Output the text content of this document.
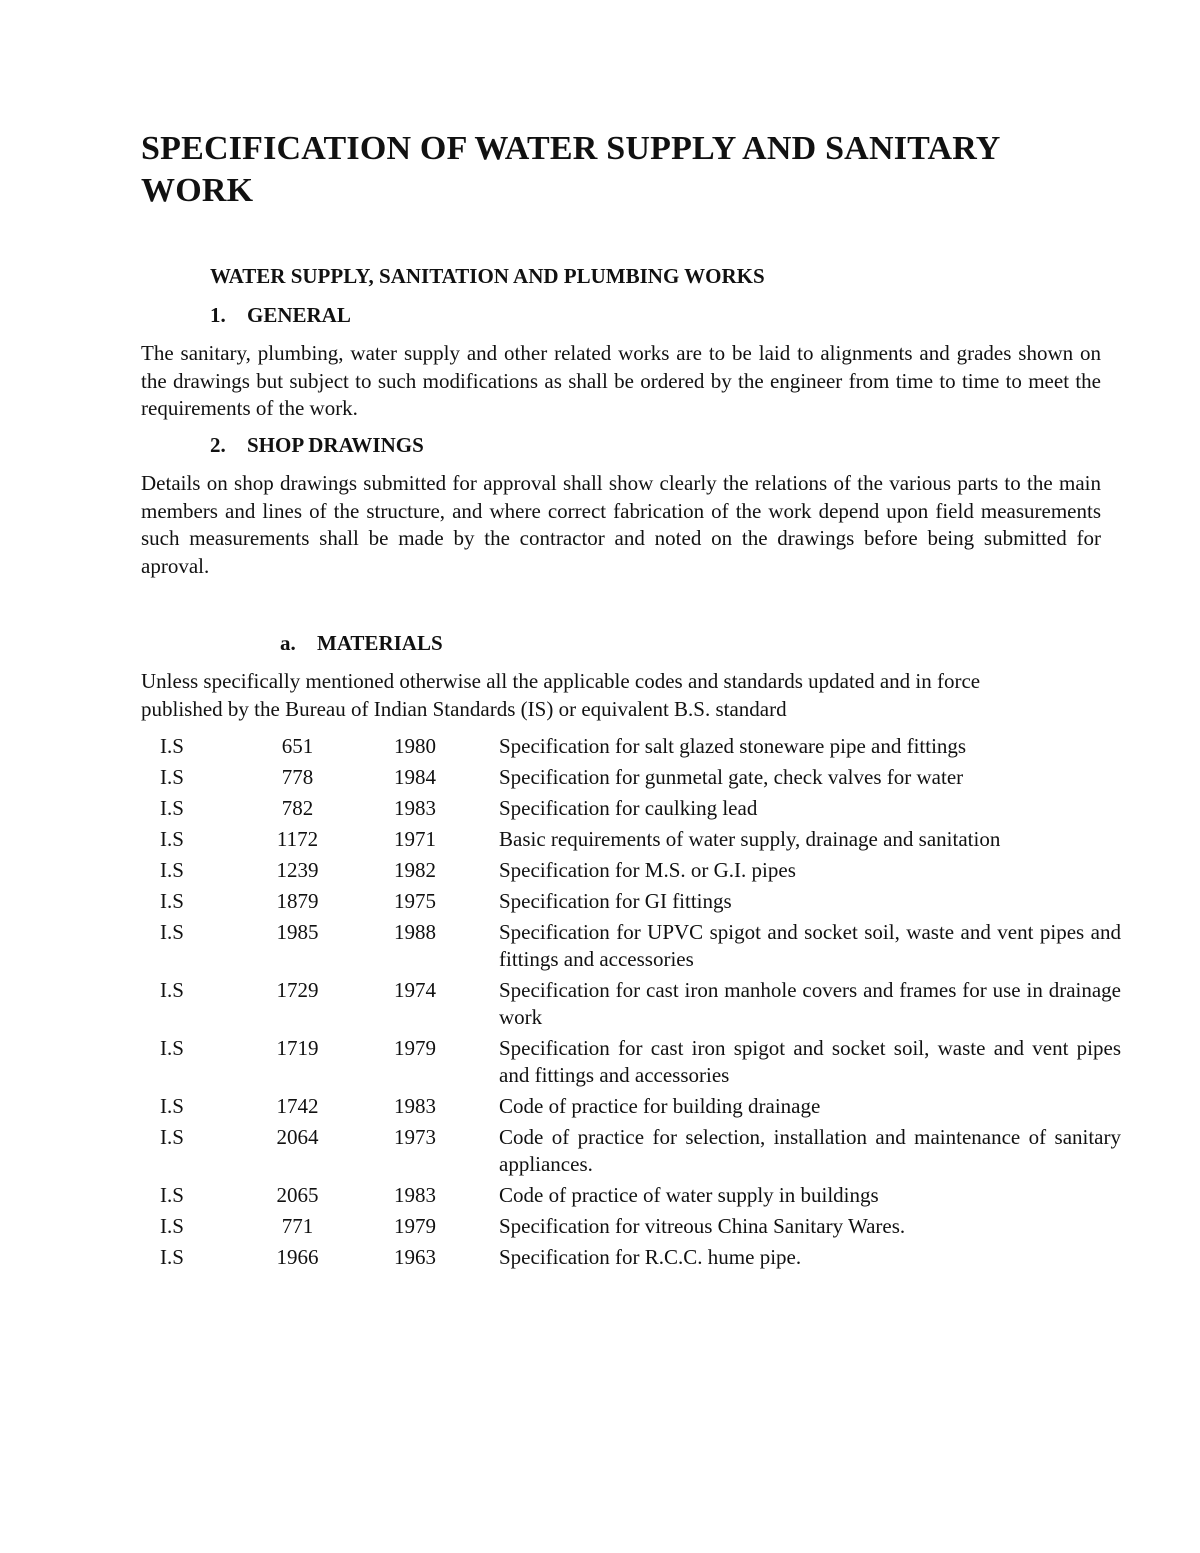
SPECIFICATION OF WATER SUPPLY AND SANITARY WORK

WATER SUPPLY, SANITATION AND PLUMBING WORKS

1. GENERAL

The sanitary, plumbing, water supply and other related works are to be laid to alignments and grades shown on the drawings but subject to such modifications as shall be ordered by the engineer from time to time to meet the requirements of the work.

2. SHOP DRAWINGS

Details on shop drawings submitted for approval shall show clearly the relations of the various parts to the main members and lines of the structure, and where correct fabrication of the work depend upon field measurements such measurements shall be made by the contractor and noted on the drawings before being submitted for aproval.

a. MATERIALS

Unless specifically mentioned otherwise all the applicable codes and standards updated and in force

published by the Bureau of Indian Standards (IS) or equivalent B.S. standard

I.S	651	1980	Specification for salt glazed stoneware pipe and fittings
I.S	778	1984	Specification for gunmetal gate, check valves for water
I.S	782	1983	Specification for caulking lead
I.S	1172	1971	Basic requirements of water supply, drainage and sanitation
I.S	1239	1982	Specification for M.S. or G.I. pipes
I.S	1879	1975	Specification for GI fittings
I.S	1985	1988	Specification for UPVC spigot and socket soil, waste and vent pipes and fittings and accessories
I.S	1729	1974	Specification for cast iron manhole covers and frames for use in drainage work
I.S	1719	1979	Specification for cast iron spigot and socket soil, waste and vent pipes and fittings and accessories
I.S	1742	1983	Code of practice for building drainage
I.S	2064	1973	Code of practice for selection, installation and maintenance of sanitary appliances.
I.S	2065	1983	Code of practice of water supply in buildings
I.S	771	1979	Specification for vitreous China Sanitary Wares.
I.S	1966	1963	Specification for R.C.C. hume pipe.
